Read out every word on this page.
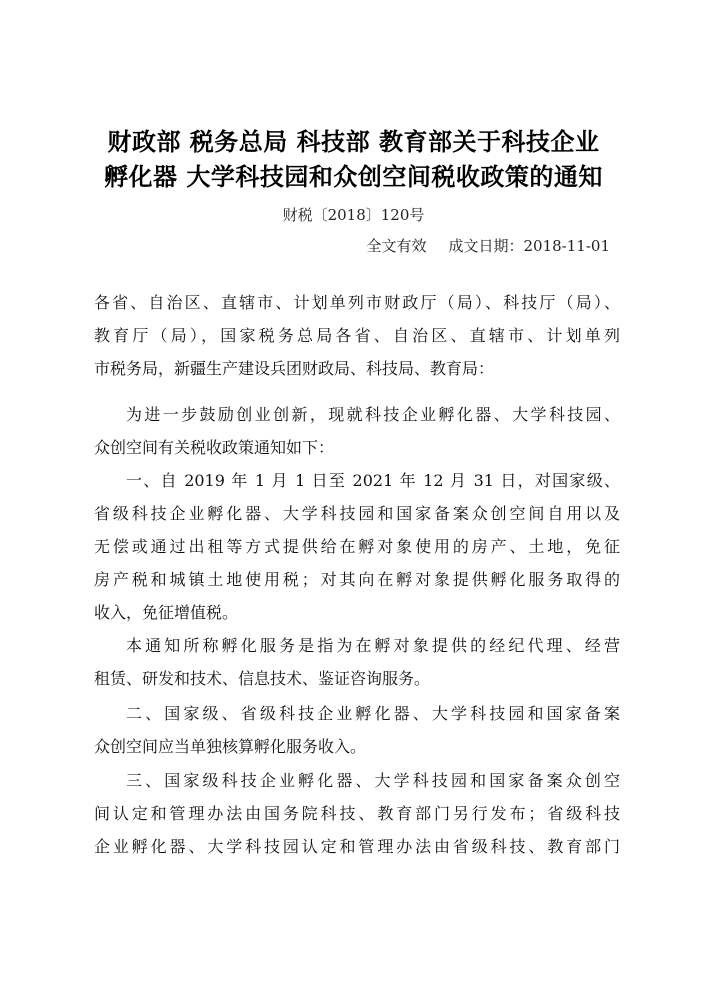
财政部 税务总局 科技部 教育部关于科技企业
孵化器 大学科技园和众创空间税收政策的通知
财税〔2018〕120号
全文有效 成文日期：2018-11-01
各省、自治区、直辖市、计划单列市财政厅（局）、科技厅（局）、
教育厅（局），国家税务总局各省、自治区、直辖市、计划单列
市税务局，新疆生产建设兵团财政局、科技局、教育局：
为进一步鼓励创业创新，现就科技企业孵化器、大学科技园、
众创空间有关税收政策通知如下：
一、自 2019 年 1 月 1 日至 2021 年 12 月 31 日，对国家级、
省级科技企业孵化器、大学科技园和国家备案众创空间自用以及
无偿或通过出租等方式提供给在孵对象使用的房产、土地，免征
房产税和城镇土地使用税；对其向在孵对象提供孵化服务取得的
收入，免征增值税。
本通知所称孵化服务是指为在孵对象提供的经纪代理、经营
租赁、研发和技术、信息技术、鉴证咨询服务。
二、国家级、省级科技企业孵化器、大学科技园和国家备案
众创空间应当单独核算孵化服务收入。
三、国家级科技企业孵化器、大学科技园和国家备案众创空
间认定和管理办法由国务院科技、教育部门另行发布；省级科技
企业孵化器、大学科技园认定和管理办法由省级科技、教育部门
